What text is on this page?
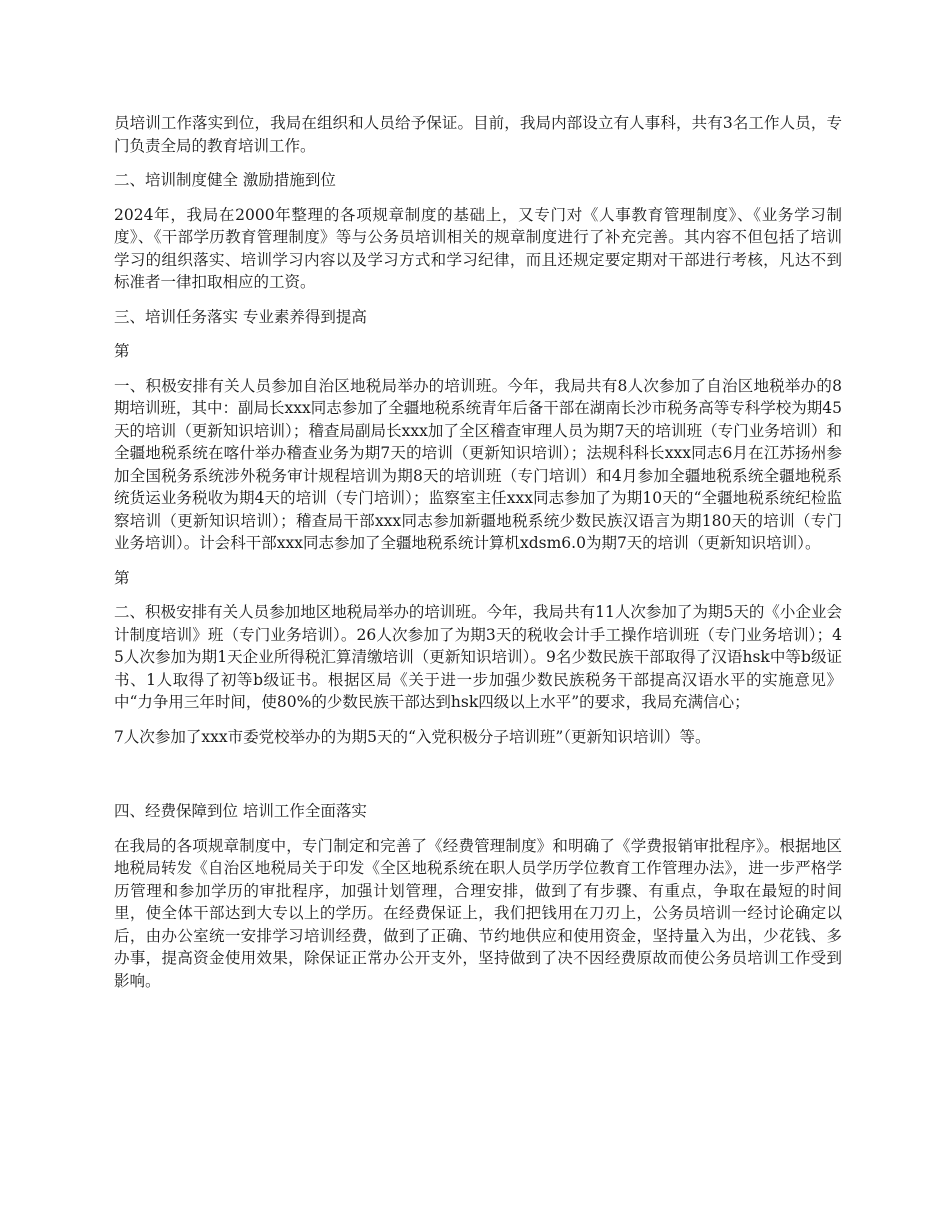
员培训工作落实到位，我局在组织和人员给予保证。目前，我局内部设立有人事科，共有3名工作人员，专门负责全局的教育培训工作。

二、培训制度健全 激励措施到位

2024年，我局在2000年整理的各项规章制度的基础上，又专门对《人事教育管理制度》、《业务学习制度》、《干部学历教育管理制度》等与公务员培训相关的规章制度进行了补充完善。其内容不但包括了培训学习的组织落实、培训学习内容以及学习方式和学习纪律，而且还规定要定期对干部进行考核，凡达不到标准者一律扣取相应的工资。

三、培训任务落实 专业素养得到提高

第

一、积极安排有关人员参加自治区地税局举办的培训班。今年，我局共有8人次参加了自治区地税举办的8期培训班，其中：副局长xxx同志参加了全疆地税系统青年后备干部在湖南长沙市税务高等专科学校为期45天的培训（更新知识培训）；稽查局副局长xxx加了全区稽查审理人员为期7天的培训班（专门业务培训）和全疆地税系统在喀什举办稽查业务为期7天的培训（更新知识培训）；法规科科长xxx同志6月在江苏扬州参加全国税务系统涉外税务审计规程培训为期8天的培训班（专门培训）和4月参加全疆地税系统全疆地税系统货运业务税收为期4天的培训（专门培训）；监察室主任xxx同志参加了为期10天的“全疆地税系统纪检监察培训（更新知识培训）；稽查局干部xxx同志参加新疆地税系统少数民族汉语言为期180天的培训（专门业务培训）。计会科干部xxx同志参加了全疆地税系统计算机xdsm6.0为期7天的培训（更新知识培训）。

第

二、积极安排有关人员参加地区地税局举办的培训班。今年，我局共有11人次参加了为期5天的《小企业会计制度培训》班（专门业务培训）。26人次参加了为期3天的税收会计手工操作培训班（专门业务培训）；45人次参加为期1天企业所得税汇算清缴培训（更新知识培训）。9名少数民族干部取得了汉语hsk中等b级证书、1人取得了初等b级证书。根据区局《关于进一步加强少数民族税务干部提高汉语水平的实施意见》中“力争用三年时间，使80%的少数民族干部达到hsk四级以上水平”的要求，我局充满信心；

7人次参加了xxx市委党校举办的为期5天的“入党积极分子培训班”（更新知识培训）等。

四、经费保障到位 培训工作全面落实

在我局的各项规章制度中，专门制定和完善了《经费管理制度》和明确了《学费报销审批程序》。根据地区地税局转发《自治区地税局关于印发《全区地税系统在职人员学历学位教育工作管理办法》，进一步严格学历管理和参加学历的审批程序，加强计划管理，合理安排，做到了有步骤、有重点，争取在最短的时间里，使全体干部达到大专以上的学历。在经费保证上，我们把钱用在刀刃上，公务员培训一经讨论确定以后，由办公室统一安排学习培训经费，做到了正确、节约地供应和使用资金，坚持量入为出，少花钱、多办事，提高资金使用效果，除保证正常办公开支外，坚持做到了决不因经费原故而使公务员培训工作受到影响。
